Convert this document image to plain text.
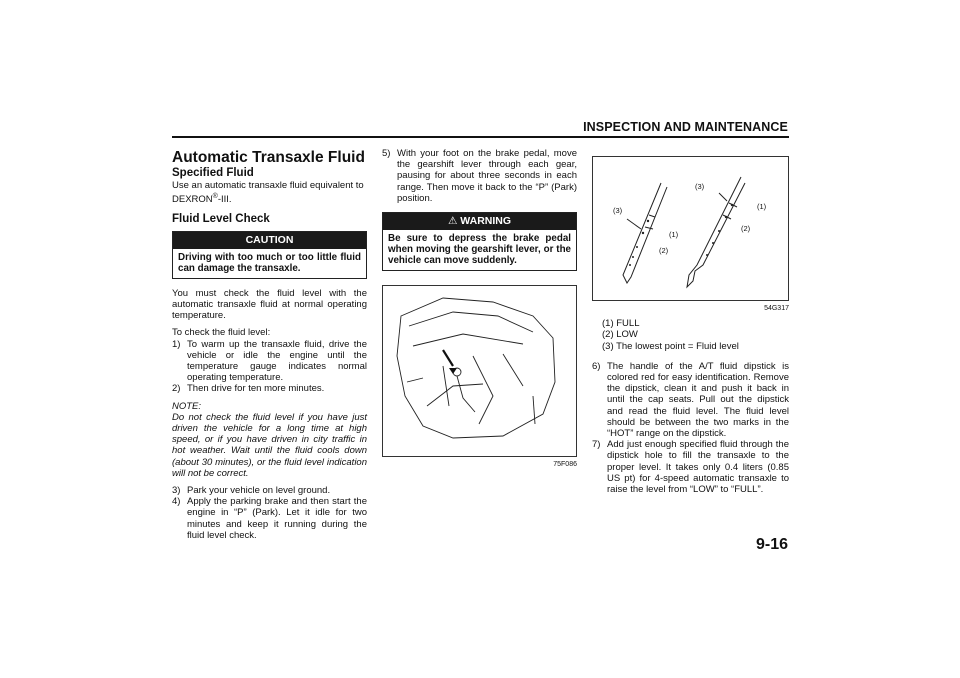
INSPECTION AND MAINTENANCE
Automatic Transaxle Fluid
Specified Fluid

Use an automatic transaxle fluid equivalent to DEXRON®-III.

Fluid Level Check
CAUTION
Driving with too much or too little fluid can damage the transaxle.

You must check the fluid level with the automatic transaxle fluid at normal operating temperature.

To check the fluid level:

1) To warm up the transaxle fluid, drive the vehicle or idle the engine until the temperature gauge indicates normal operating temperature.
2) Then drive for ten more minutes.

NOTE:

Do not check the fluid level if you have just driven the vehicle for a long time at high speed, or if you have driven in city traffic in hot weather. Wait until the fluid cools down (about 30 minutes), or the fluid level indication will not be correct.

3) Park your vehicle on level ground.
4) Apply the parking brake and then start the engine in “P” (Park). Let it idle for two minutes and keep it running during the fluid level check.
5) With your foot on the brake pedal, move the gearshift lever through each gear, pausing for about three seconds in each range. Then move it back to the “P” (Park) position.
⚠ WARNING
Be sure to depress the brake pedal when moving the gearshift lever, or the vehicle can move suddenly.
75F086
(3)
(1)
(2)
(3)
(1)
(2)
54G317
(1) FULL
(2) LOW
(3) The lowest point = Fluid level
6) The handle of the A/T fluid dipstick is colored red for easy identification. Remove the dipstick, clean it and push it back in until the cap seats. Pull out the dipstick and read the fluid level. The fluid level should be between the two marks in the “HOT” range on the dipstick.
7) Add just enough specified fluid through the dipstick hole to fill the transaxle to the proper level. It takes only 0.4 liters (0.85 US pt) for 4-speed automatic transaxle to raise the level from “LOW” to “FULL”.
9-16
